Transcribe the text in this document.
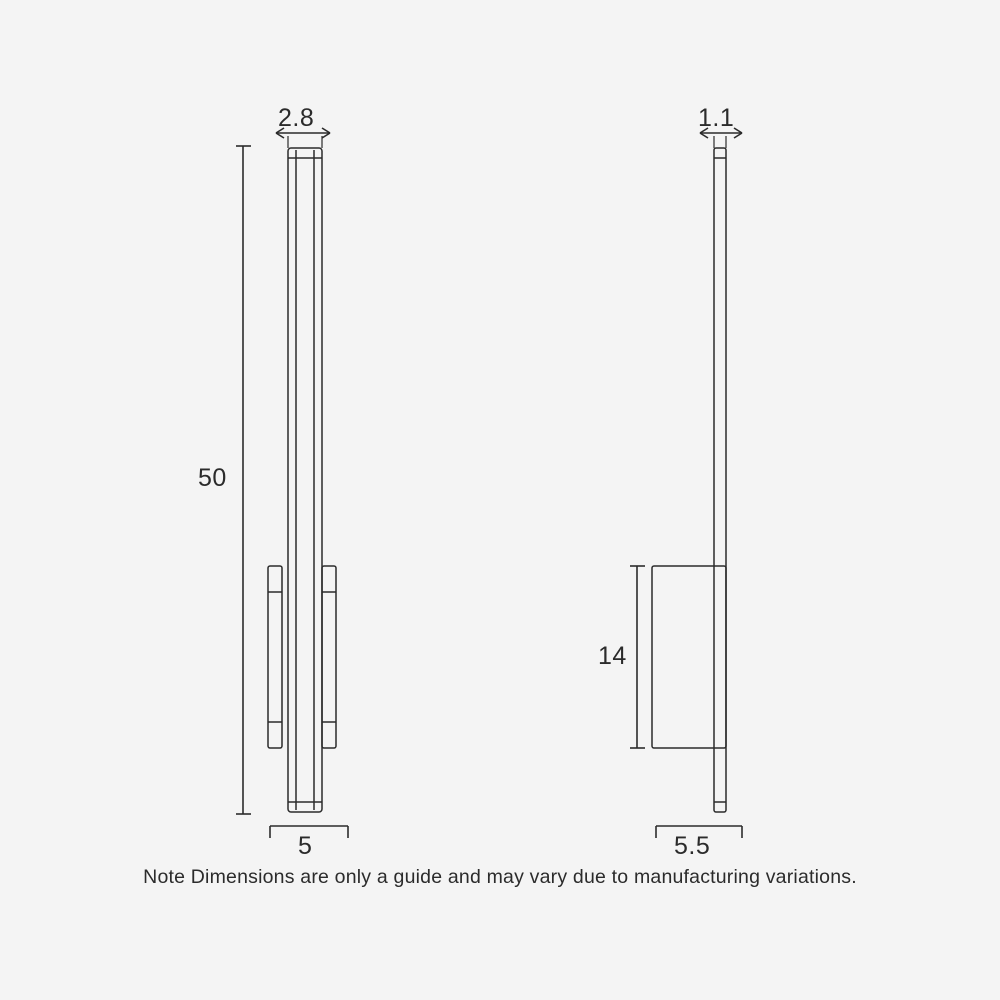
2.8
50
5
1.1
14
5.5
Note Dimensions are only a guide and may vary due to manufacturing variations.
